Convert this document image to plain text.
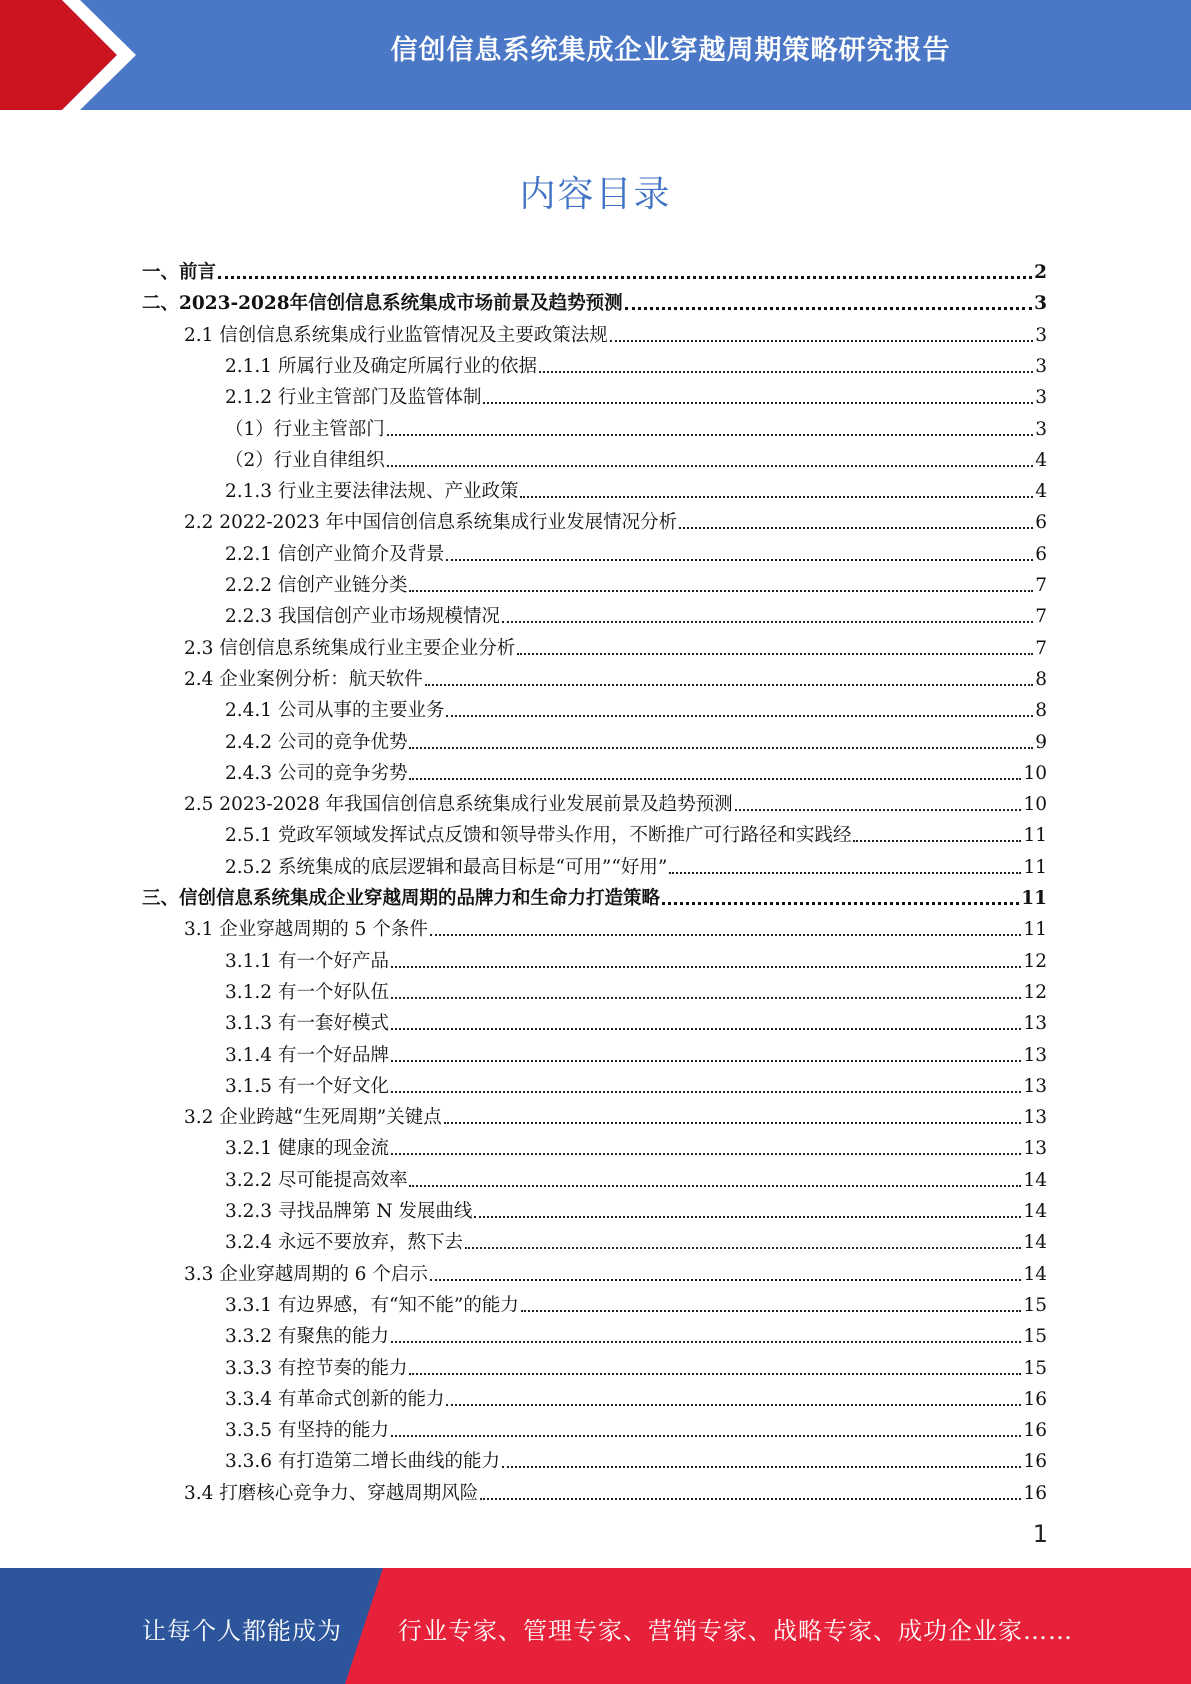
信创信息系统集成企业穿越周期策略研究报告
内容目录
一、前言	2
二、2023-2028年信创信息系统集成市场前景及趋势预测	3
2.1 信创信息系统集成行业监管情况及主要政策法规	3
2.1.1 所属行业及确定所属行业的依据	3
2.1.2 行业主管部门及监管体制	3
（1）行业主管部门	3
（2）行业自律组织	4
2.1.3 行业主要法律法规、产业政策	4
2.2 2022-2023 年中国信创信息系统集成行业发展情况分析	6
2.2.1 信创产业简介及背景	6
2.2.2 信创产业链分类	7
2.2.3 我国信创产业市场规模情况	7
2.3 信创信息系统集成行业主要企业分析	7
2.4 企业案例分析：航天软件	8
2.4.1 公司从事的主要业务	8
2.4.2 公司的竞争优势	9
2.4.3 公司的竞争劣势	10
2.5 2023-2028 年我国信创信息系统集成行业发展前景及趋势预测	10
2.5.1 党政军领域发挥试点反馈和领导带头作用，不断推广可行路径和实践经	11
2.5.2 系统集成的底层逻辑和最高目标是“可用”“好用”	11
三、信创信息系统集成企业穿越周期的品牌力和生命力打造策略	11
3.1 企业穿越周期的 5 个条件	11
3.1.1 有一个好产品	12
3.1.2 有一个好队伍	12
3.1.3 有一套好模式	13
3.1.4 有一个好品牌	13
3.1.5 有一个好文化	13
3.2 企业跨越“生死周期”关键点	13
3.2.1 健康的现金流	13
3.2.2 尽可能提高效率	14
3.2.3 寻找品牌第 N 发展曲线	14
3.2.4 永远不要放弃，熬下去	14
3.3 企业穿越周期的 6 个启示	14
3.3.1 有边界感，有“知不能”的能力	15
3.3.2 有聚焦的能力	15
3.3.3 有控节奏的能力	15
3.3.4 有革命式创新的能力	16
3.3.5 有坚持的能力	16
3.3.6 有打造第二增长曲线的能力	16
3.4 打磨核心竞争力、穿越周期风险	16
1
让每个人都能成为 行业专家、管理专家、营销专家、战略专家、成功企业家……
